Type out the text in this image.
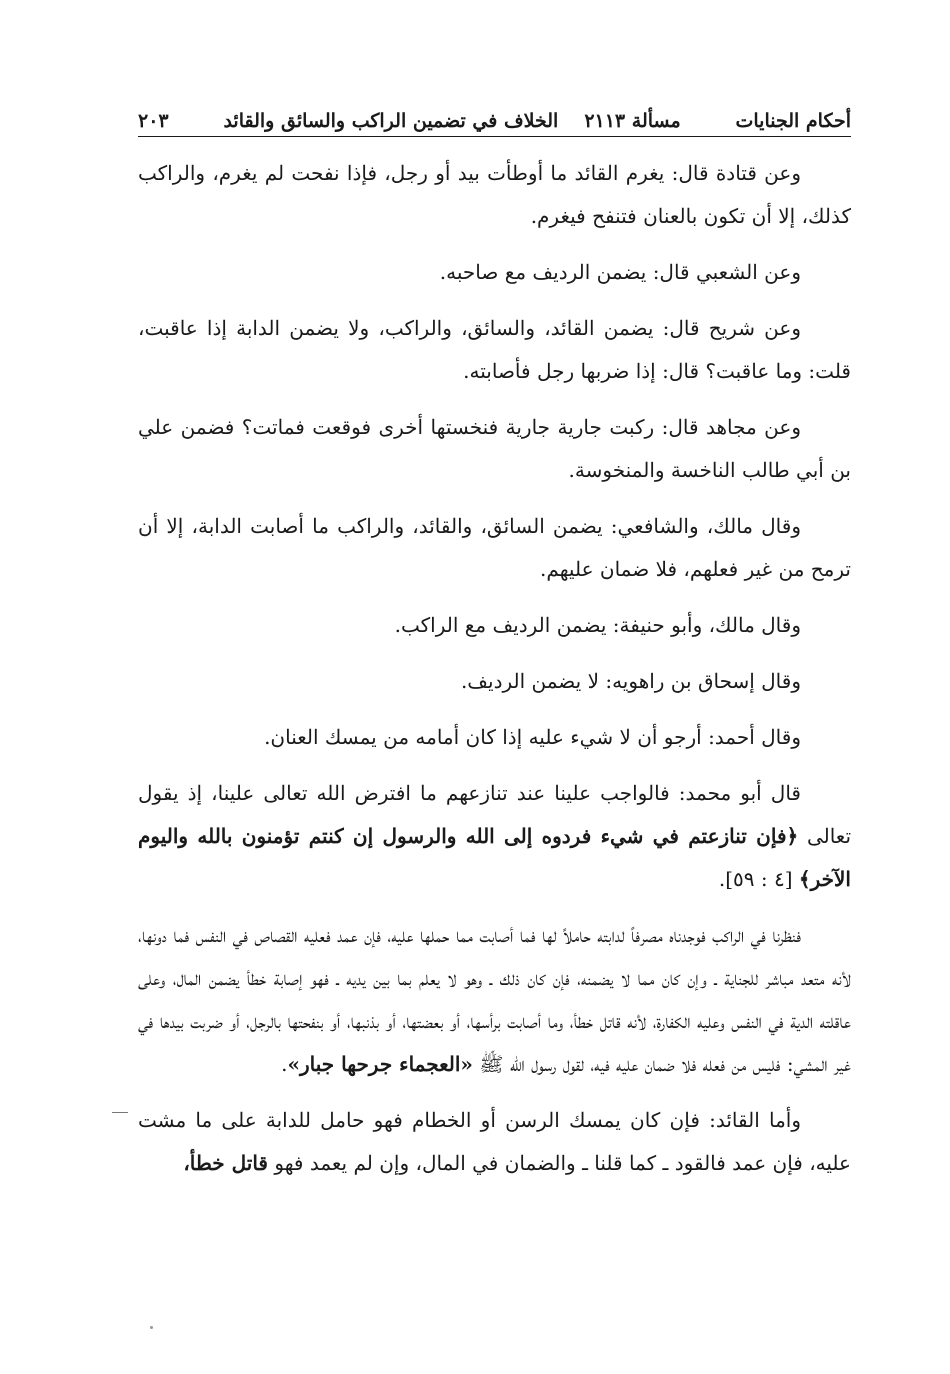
أحكام الجنايات
مسألة ٢١١٣
الخلاف في تضمين الراكب والسائق والقائد
٢٠٣

وعن قتادة قال: يغرم القائد ما أوطأت بيد أو رجل، فإذا نفحت لم يغرم، والراكب كذلك، إلا أن تكون بالعنان فتنفح فيغرم.

وعن الشعبي قال: يضمن الرديف مع صاحبه.

وعن شريح قال: يضمن القائد، والسائق، والراكب، ولا يضمن الدابة إذا عاقبت، قلت: وما عاقبت؟ قال: إذا ضربها رجل فأصابته.

وعن مجاهد قال: ركبت جارية جارية فنخستها أخرى فوقعت فماتت؟ فضمن علي بن أبي طالب الناخسة والمنخوسة.

وقال مالك، والشافعي: يضمن السائق، والقائد، والراكب ما أصابت الدابة، إلا أن ترمح من غير فعلهم، فلا ضمان عليهم.

وقال مالك، وأبو حنيفة: يضمن الرديف مع الراكب.

وقال إسحاق بن راهويه: لا يضمن الرديف.

وقال أحمد: أرجو أن لا شيء عليه إذا كان أمامه من يمسك العنان.

قال أبو محمد: فالواجب علينا عند تنازعهم ما افترض الله تعالى علينا، إذ يقول تعالى ﴿فإن تنازعتم في شيء فردوه إلى الله والرسول إن كنتم تؤمنون بالله واليوم الآخر﴾ [٤ : ٥٩].

فنظرنا في الراكب فوجدناه مصرفاً لدابته حاملاً لها فما أصابت مما حملها عليه، فإن عمد فعليه القصاص في النفس فما دونها، لأنه متعد مباشر للجناية ـ وإن كان مما لا يضمنه، فإن كان ذلك ـ وهو لا يعلم بما بين يديه ـ فهو إصابة خطأ يضمن المال، وعلى عاقلته الدية في النفس وعليه الكفارة، لأنه قاتل خطأ، وما أصابت برأسها، أو بعضتها، أو بذنبها، أو بنفحتها بالرجل، أو ضربت بيدها في غير المشي: فليس من فعله فلا ضمان عليه فيه، لقول رسول الله ﷺ «العجماء جرحها جبار».

وأما القائد: فإن كان يمسك الرسن أو الخطام فهو حامل للدابة على ما مشت عليه، فإن عمد فالقود ـ كما قلنا ـ والضمان في المال، وإن لم يعمد فهو قاتل خطأ،
